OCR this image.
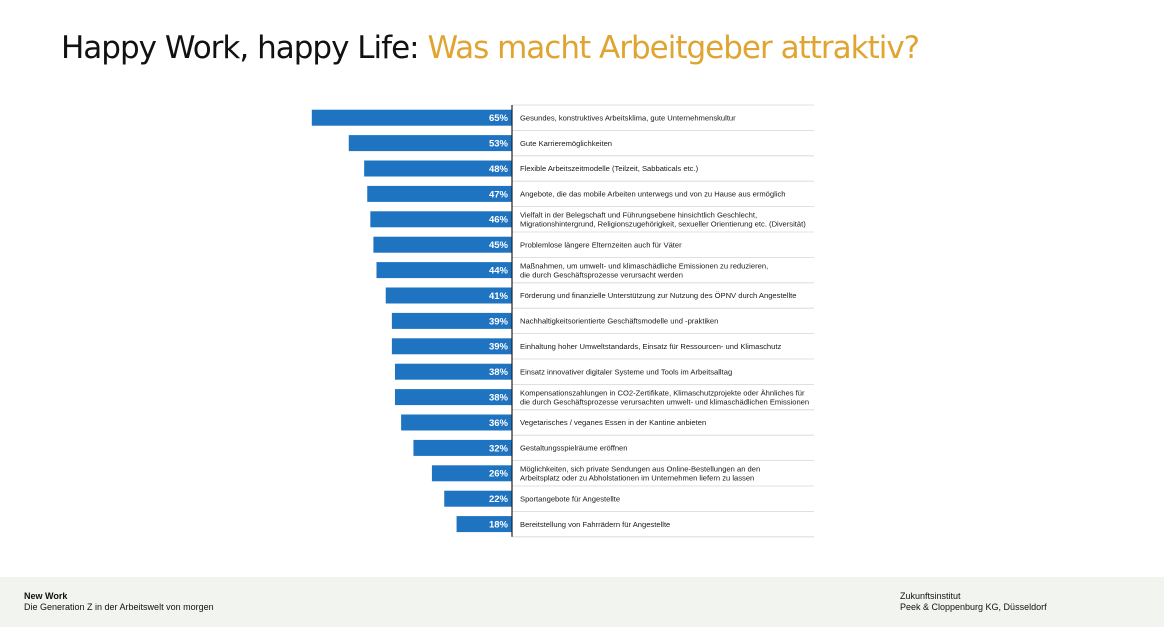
Happy Work, happy Life: Was macht Arbeitgeber attraktiv?
65% Gesundes, konstruktives Arbeitsklima, gute Unternehmenskultur
53% Gute Karrieremöglichkeiten
48% Flexible Arbeitszeitmodelle (Teilzeit, Sabbaticals etc.)
47% Angebote, die das mobile Arbeiten unterwegs und von zu Hause aus ermöglich
46% Vielfalt in der Belegschaft und Führungsebene hinsichtlich Geschlecht, Migrationshintergrund, Religionszugehörigkeit, sexueller Orientierung etc. (Diversität)
45% Problemlose längere Elternzeiten auch für Väter
44% Maßnahmen, um umwelt- und klimaschädliche Emissionen zu reduzieren, die durch Geschäftsprozesse verursacht werden
41% Förderung und finanzielle Unterstützung zur Nutzung des ÖPNV durch Angestellte
39% Nachhaltigkeitsorientierte Geschäftsmodelle und -praktiken
39% Einhaltung hoher Umweltstandards, Einsatz für Ressourcen- und Klimaschutz
38% Einsatz innovativer digitaler Systeme und Tools im Arbeitsalltag
38% Kompensationszahlungen in CO2-Zertifikate, Klimaschutzprojekte oder Ähnliches für die durch Geschäftsprozesse verursachten umwelt- und klimaschädlichen Emissionen
36% Vegetarisches / veganes Essen in der Kantine anbieten
32% Gestaltungsspielräume eröffnen
26% Möglichkeiten, sich private Sendungen aus Online-Bestellungen an den Arbeitsplatz oder zu Abholstationen im Unternehmen liefern zu lassen
22% Sportangebote für Angestellte
18% Bereitstellung von Fahrrädern für Angestellte
New Work
Die Generation Z in der Arbeitswelt von morgen
Zukunftsinstitut
Peek & Cloppenburg KG, Düsseldorf
